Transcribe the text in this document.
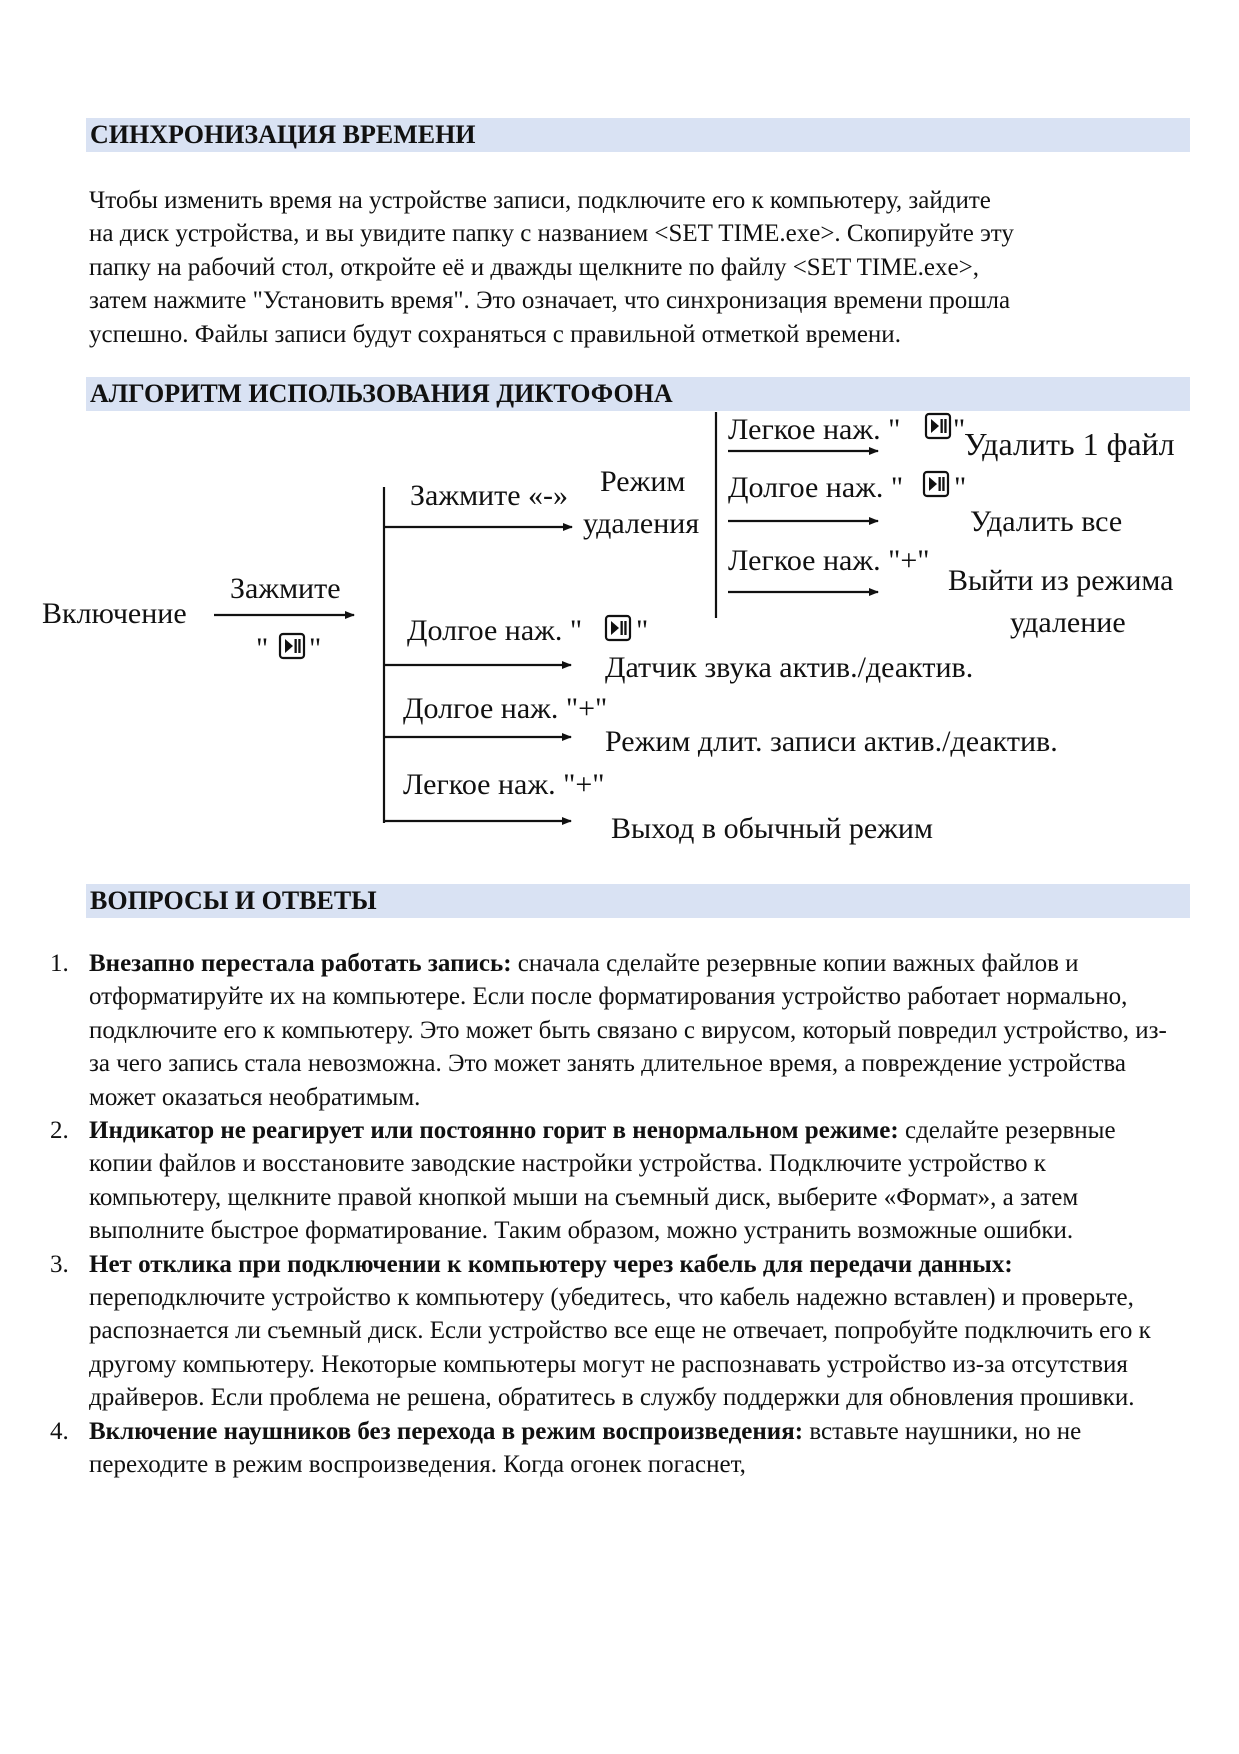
СИНХРОНИЗАЦИЯ ВРЕМЕНИ
Чтобы изменить время на устройстве записи, подключите его к компьютеру, зайдите
на диск устройства, и вы увидите папку с названием <SET TIME.exe>. Скопируйте эту
папку на рабочий стол, откройте её и дважды щелкните по файлу <SET TIME.exe>,
затем нажмите "Установить время". Это означает, что синхронизация времени прошла
успешно. Файлы записи будут сохраняться с правильной отметкой времени.
АЛГОРИТМ ИСПОЛЬЗОВАНИЯ ДИКТОФОНА
Включение
Зажмите
" "
Зажмите «-» Режим
удаления
Легкое наж. " "
Удалить 1 файл
Долгое наж. " "
Удалить все
Легкое наж. "+"
Выйти из режима
удаление
Долгое наж. " "
Датчик звука актив./деактив.
Долгое наж. "+"
Режим длит. записи актив./деактив.
Легкое наж. "+"
Выход в обычный режим
ВОПРОСЫ И ОТВЕТЫ
1. Внезапно перестала работать запись: сначала сделайте резервные копии важных файлов и отформатируйте их на компьютере. Если после форматирования устройство работает нормально, подключите его к компьютеру. Это может быть связано с вирусом, который повредил устройство, из-за чего запись стала невозможна. Это может занять длительное время, а повреждение устройства может оказаться необратимым.
2. Индикатор не реагирует или постоянно горит в ненормальном режиме: сделайте резервные копии файлов и восстановите заводские настройки устройства. Подключите устройство к компьютеру, щелкните правой кнопкой мыши на съемный диск, выберите «Формат», а затем выполните быстрое форматирование. Таким образом, можно устранить возможные ошибки.
3. Нет отклика при подключении к компьютеру через кабель для передачи данных: переподключите устройство к компьютеру (убедитесь, что кабель надежно вставлен) и проверьте, распознается ли съемный диск. Если устройство все еще не отвечает, попробуйте подключить его к другому компьютеру. Некоторые компьютеры могут не распознавать устройство из-за отсутствия драйверов. Если проблема не решена, обратитесь в службу поддержки для обновления прошивки.
4. Включение наушников без перехода в режим воспроизведения: вставьте наушники, но не переходите в режим воспроизведения. Когда огонек погаснет,
